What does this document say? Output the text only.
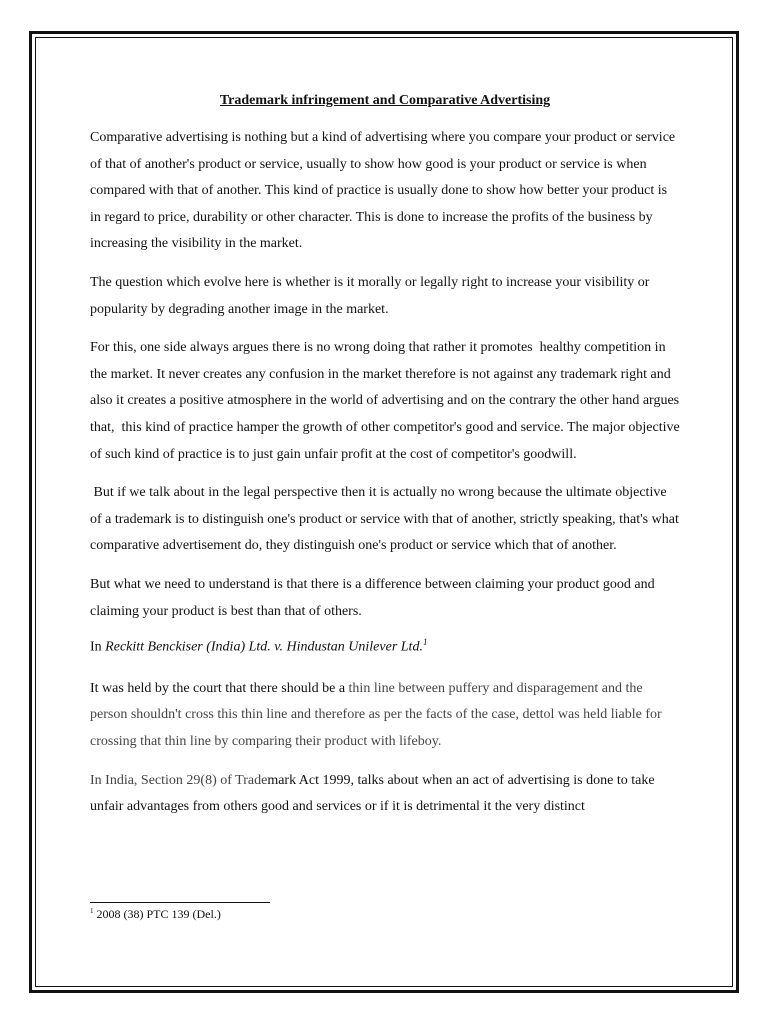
Trademark infringement and Comparative Advertising

Comparative advertising is nothing but a kind of advertising where you compare your product or service of that of another's product or service, usually to show how good is your product or service is when compared with that of another. This kind of practice is usually done to show how better your product is in regard to price, durability or other character. This is done to increase the profits of the business by increasing the visibility in the market.

The question which evolve here is whether is it morally or legally right to increase your visibility or popularity by degrading another image in the market.

For this, one side always argues there is no wrong doing that rather it promotes  healthy competition in the market. It never creates any confusion in the market therefore is not against any trademark right and also it creates a positive atmosphere in the world of advertising and on the contrary the other hand argues that,  this kind of practice hamper the growth of other competitor's good and service. The major objective of such kind of practice is to just gain unfair profit at the cost of competitor's goodwill.

But if we talk about in the legal perspective then it is actually no wrong because the ultimate objective of a trademark is to distinguish one's product or service with that of another, strictly speaking, that's what comparative advertisement do, they distinguish one's product or service which that of another.

But what we need to understand is that there is a difference between claiming your product good and claiming your product is best than that of others.

In Reckitt Benckiser (India) Ltd. v. Hindustan Unilever Ltd.$^1$

It was held by the court that there should be a thin line between puffery and disparagement and the person shouldn't cross this thin line and therefore as per the facts of the case, dettol was held liable for crossing that thin line by comparing their product with lifeboy.

In India, Section 29(8) of Trademark Act 1999, talks about when an act of advertising is done to take unfair advantages from others good and services or if it is detrimental it the very distinct

$^1$ 2008 (38) PTC 139 (Del.)
